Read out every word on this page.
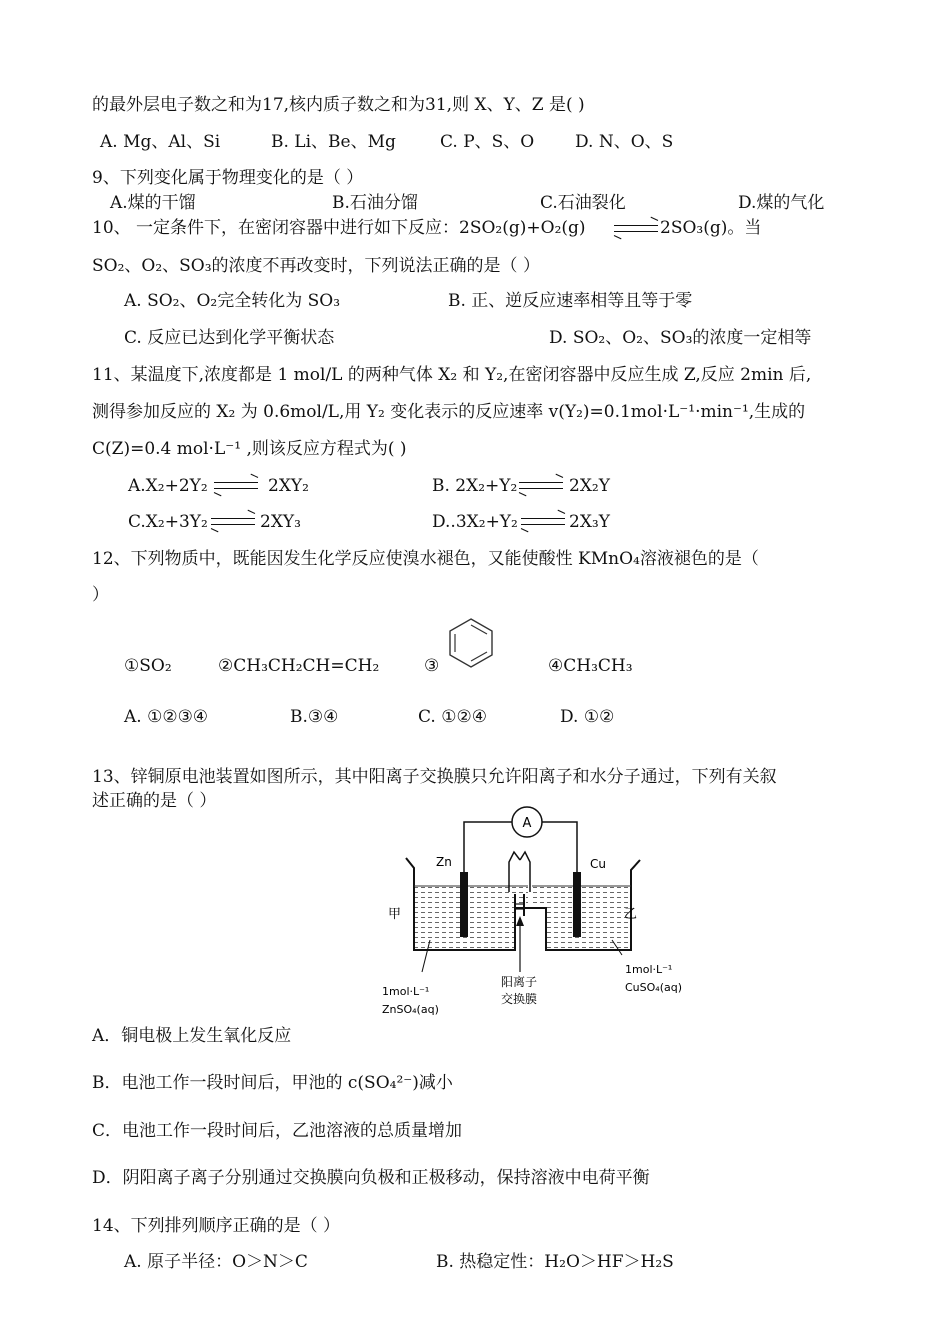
的最外层电子数之和为17,核内质子数之和为31,则 X、Y、Z 是( )
A. Mg、Al、Si	B. Li、Be、Mg	C. P、S、O D. N、O、S
9、下列变化属于物理变化的是（ ）
A.煤的干馏	B.石油分馏	C.石油裂化	D.煤的气化
10、 一定条件下，在密闭容器中进行如下反应：2SO₂(g)+O₂(g)	2SO₃(g)。当
SO₂、O₂、SO₃的浓度不再改变时，下列说法正确的是（ ）
A. SO₂、O₂完全转化为 SO₃	B. 正、逆反应速率相等且等于零
C. 反应已达到化学平衡状态	D. SO₂、O₂、SO₃的浓度一定相等
11、某温度下,浓度都是 1 mol/L 的两种气体 X₂ 和 Y₂,在密闭容器中反应生成 Z,反应 2min 后,
测得参加反应的 X₂ 为 0.6mol/L,用 Y₂ 变化表示的反应速率 v(Y₂)=0.1mol·L⁻¹·min⁻¹,生成的
C(Z)=0.4 mol·L⁻¹ ,则该反应方程式为( )
A.X₂+2Y₂	2XY₂	B. 2X₂+Y₂	2X₂Y
C.X₂+3Y₂	2XY₃	D..3X₂+Y₂	2X₃Y
12、下列物质中，既能因发生化学反应使溴水褪色，又能使酸性 KMnO₄溶液褪色的是（
）
①SO₂	②CH₃CH₂CH=CH₂	③	④CH₃CH₃
A. ①②③④	B.③④	C. ①②④	D. ①②
13、锌铜原电池装置如图所示，其中阳离子交换膜只允许阳离子和水分子通过，下列有关叙
述正确的是（ ）
A
Zn	Cu
甲	乙
1mol·L⁻¹
ZnSO₄(aq)
阳离子
交换膜
1mol·L⁻¹
CuSO₄(aq)
A．铜电极上发生氧化反应
B．电池工作一段时间后，甲池的 c(SO₄²⁻)减小
C．电池工作一段时间后，乙池溶液的总质量增加
D．阴阳离子离子分别通过交换膜向负极和正极移动，保持溶液中电荷平衡
14、下列排列顺序正确的是（ ）
A. 原子半径：O＞N＞C	B. 热稳定性：H₂O＞HF＞H₂S
